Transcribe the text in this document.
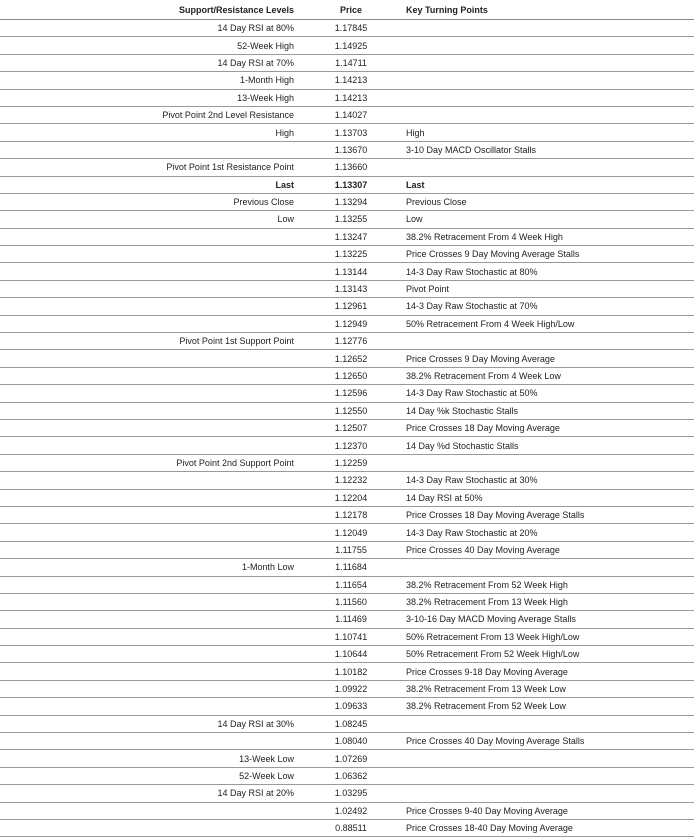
Support/Resistance Levels		Price		Key Turning Points
14 Day RSI at 80%		1.17845		
52-Week High		1.14925		
14 Day RSI at 70%		1.14711		
1-Month High		1.14213		
13-Week High		1.14213		
Pivot Point 2nd Level Resistance		1.14027		
High		1.13703		High
		1.13670		3-10 Day MACD Oscillator Stalls
Pivot Point 1st Resistance Point		1.13660		
Last		1.13307		Last
Previous Close		1.13294		Previous Close
Low		1.13255		Low
		1.13247		38.2% Retracement From 4 Week High
		1.13225		Price Crosses 9 Day Moving Average Stalls
		1.13144		14-3 Day Raw Stochastic at 80%
		1.13143		Pivot Point
		1.12961		14-3 Day Raw Stochastic at 70%
		1.12949		50% Retracement From 4 Week High/Low
Pivot Point 1st Support Point		1.12776		
		1.12652		Price Crosses 9 Day Moving Average
		1.12650		38.2% Retracement From 4 Week Low
		1.12596		14-3 Day Raw Stochastic at 50%
		1.12550		14 Day %k Stochastic Stalls
		1.12507		Price Crosses 18 Day Moving Average
		1.12370		14 Day %d Stochastic Stalls
Pivot Point 2nd Support Point		1.12259		
		1.12232		14-3 Day Raw Stochastic at 30%
		1.12204		14 Day RSI at 50%
		1.12178		Price Crosses 18 Day Moving Average Stalls
		1.12049		14-3 Day Raw Stochastic at 20%
		1.11755		Price Crosses 40 Day Moving Average
1-Month Low		1.11684		
		1.11654		38.2% Retracement From 52 Week High
		1.11560		38.2% Retracement From 13 Week High
		1.11469		3-10-16 Day MACD Moving Average Stalls
		1.10741		50% Retracement From 13 Week High/Low
		1.10644		50% Retracement From 52 Week High/Low
		1.10182		Price Crosses 9-18 Day Moving Average
		1.09922		38.2% Retracement From 13 Week Low
		1.09633		38.2% Retracement From 52 Week Low
14 Day RSI at 30%		1.08245		
		1.08040		Price Crosses 40 Day Moving Average Stalls
13-Week Low		1.07269		
52-Week Low		1.06362		
14 Day RSI at 20%		1.03295		
		1.02492		Price Crosses 9-40 Day Moving Average
		0.88511		Price Crosses 18-40 Day Moving Average
